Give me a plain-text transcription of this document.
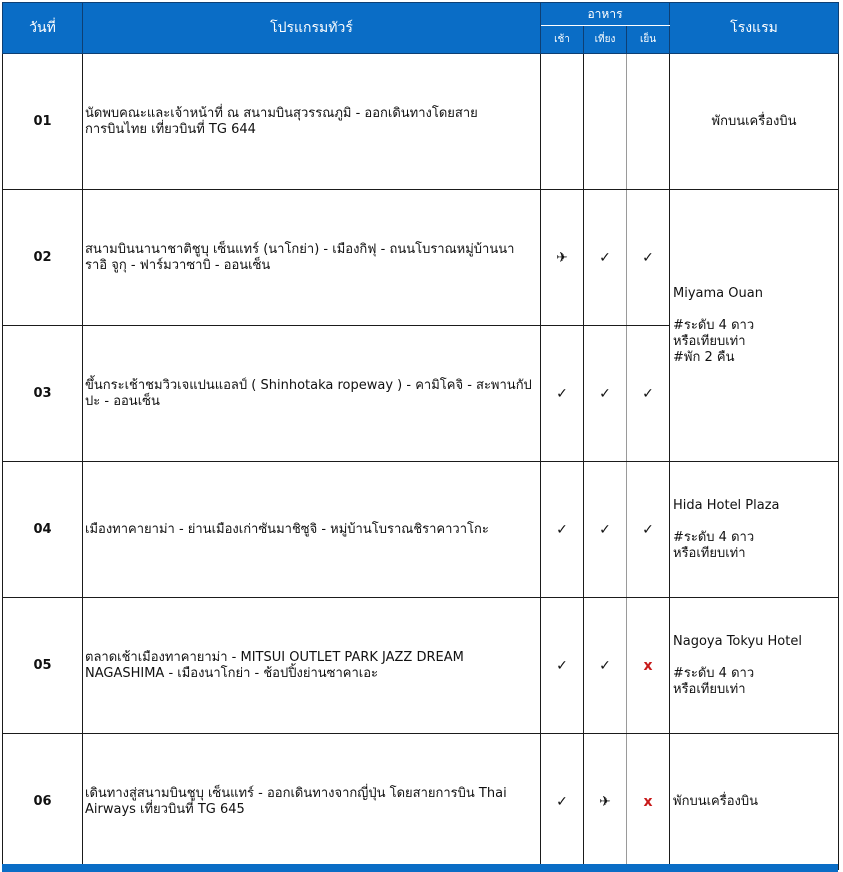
วันที่	โปรแกรมทัวร์	อาหาร			โรงแรม
		เช้า	เที่ยง	เย็น	
01	นัดพบคณะและเจ้าหน้าที่ ณ สนามบินสุวรรณภูมิ - ออกเดินทางโดยสายการบินไทย เที่ยวบินที่ TG 644				พักบนเครื่องบิน
02	สนามบินนานาชาติชูบุ เซ็นแทร์ (นาโกย่า) - เมืองกิฟุ - ถนนโบราณหมู่บ้านนาราอิ จูกุ - ฟาร์มวาซาบิ - ออนเซ็น	✈	✓	✓	Miyama Ouan
#ระดับ 4 ดาว
หรือเทียบเท่า
#พัก 2 คืน

03	ขึ้นกระเช้าชมวิวเจแปนแอลป์ ( Shinhotaka ropeway ) - คามิโคจิ - สะพานกัปปะ - ออนเซ็น	✓	✓	✓	
04	เมืองทาคายาม่า - ย่านเมืองเก่าซันมาชิซูจิ - หมู่บ้านโบราณชิราคาวาโกะ	✓	✓	✓	Hida Hotel Plaza
#ระดับ 4 ดาว
หรือเทียบเท่า

05	ตลาดเช้าเมืองทาคายาม่า - MITSUI OUTLET PARK JAZZ DREAM NAGASHIMA - เมืองนาโกย่า - ช้อปปิ้งย่านซาคาเอะ	✓	✓	x	Nagoya Tokyu Hotel
#ระดับ 4 ดาว
หรือเทียบเท่า

06	เดินทางสู่สนามบินชูบุ เซ็นแทร์ - ออกเดินทางจากญี่ปุ่น โดยสายการบิน Thai Airways เที่ยวบินที่ TG 645	✓	✈	x	พักบนเครื่องบิน
